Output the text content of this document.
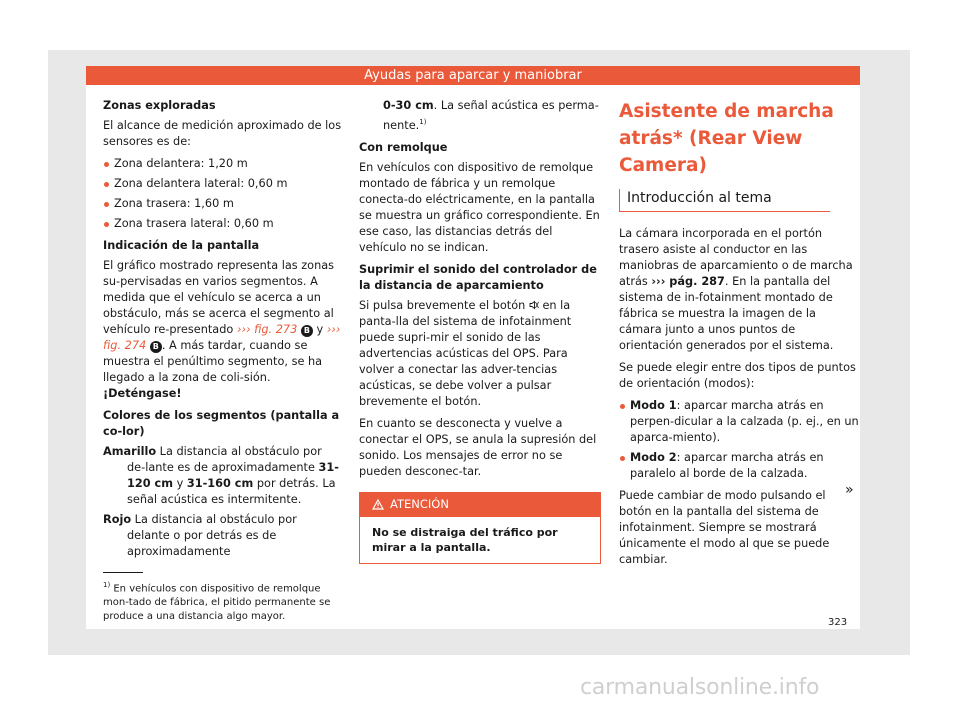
Ayudas para aparcar y maniobrar

Zonas exploradas

El alcance de medición aproximado de los sensores es de:

Zona delantera: 1,20 m
Zona delantera lateral: 0,60 m
Zona trasera: 1,60 m
Zona trasera lateral: 0,60 m

Indicación de la pantalla

El gráfico mostrado representa las zonas su-pervisadas en varios segmentos. A medida que el vehículo se acerca a un obstáculo, más se acerca el segmento al vehículo re-presentado ››› fig. 273 B y ››› fig. 274 B . A más tardar, cuando se muestra el penúltimo segmento, se ha llegado a la zona de coli-sión. ¡Deténgase!

Colores de los segmentos (pantalla a co-lor)

Amarillo La distancia al obstáculo por de-lante es de aproximadamente 31-120 cm y 31-160 cm por detrás. La señal acústica es intermitente.

Rojo La distancia al obstáculo por delante o por detrás es de aproximadamente

0-30 cm. La señal acústica es perma-nente.$^{1)}$

Con remolque

En vehículos con dispositivo de remolque montado de fábrica y un remolque conecta-do eléctricamente, en la pantalla se muestra un gráfico correspondiente. En ese caso, las distancias detrás del vehículo no se indican.

Suprimir el sonido del controlador de la distancia de aparcamiento

Si pulsa brevemente el botón  en la panta-lla del sistema de infotainment puede supri-mir el sonido de las advertencias acústicas del OPS. Para volver a conectar las adver-tencias acústicas, se debe volver a pulsar brevemente el botón.

En cuanto se desconecta y vuelve a conectar el OPS, se anula la supresión del sonido. Los mensajes de error no se pueden desconec-tar.

ATENCIÓN
No se distraiga del tráfico por mirar a la pantalla.
Asistente de marcha atrás* (Rear View Camera)
Introducción al tema

La cámara incorporada en el portón trasero asiste al conductor en las maniobras de aparcamiento o de marcha atrás ››› pág. 287. En la pantalla del sistema de in-fotainment montado de fábrica se muestra la imagen de la cámara junto a unos puntos de orientación generados por el sistema.

Se puede elegir entre dos tipos de puntos de orientación (modos):

Modo 1: aparcar marcha atrás en perpen-dicular a la calzada (p. ej., en un aparca-miento).
Modo 2: aparcar marcha atrás en paralelo al borde de la calzada.

Puede cambiar de modo pulsando el botón en la pantalla del sistema de infotainment. Siempre se mostrará únicamente el modo al que se puede cambiar.

»
$^{1)}$ En vehículos con dispositivo de remolque mon-tado de fábrica, el pitido permanente se produce a una distancia algo mayor.
323
carmanualsonline.info
